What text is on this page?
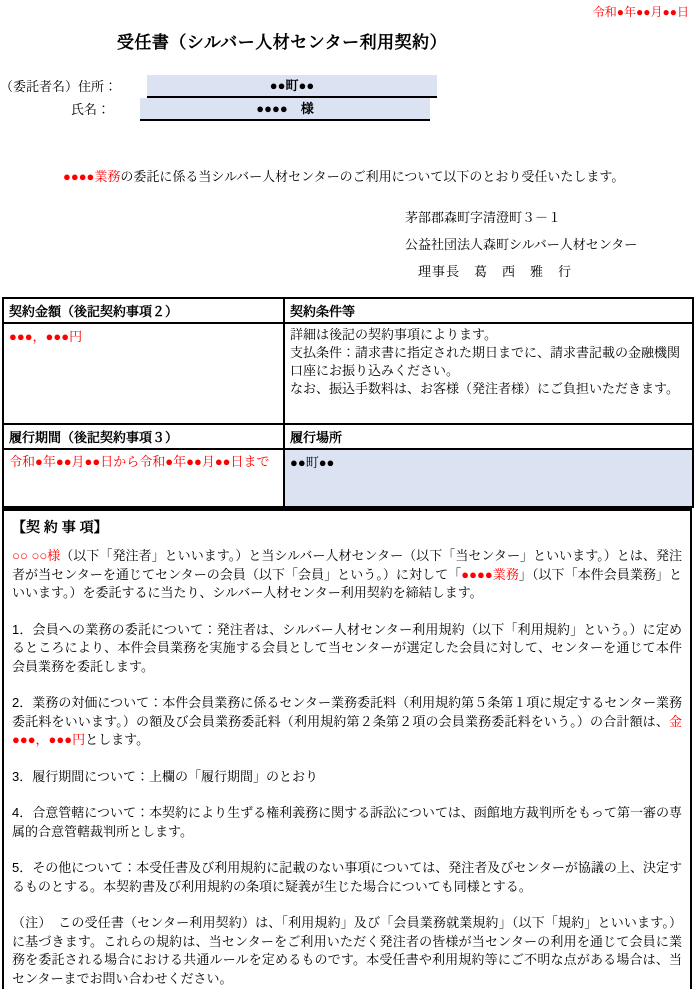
令和●年●●月●●日
受任書（シルバー人材センター利用契約）
（委託者名）住所：	●●町●●
氏名：	●●●●　様
●●●●業務の委託に係る当シルバー人材センターのご利用について以下のとおり受任いたします。
茅部郡森町字清澄町３－１
公益社団法人森町シルバー人材センター
理事長　葛　西　雅　行
契約金額（後記契約事項２）	契約条件等
●●●，●●●円	詳細は後記の契約事項によります。
支払条件：請求書に指定された期日までに、請求書記載の金融機関口座にお振り込みください。
なお、振込手数料は、お客様（発注者様）にご負担いただきます。

履行期間（後記契約事項３）	履行場所
令和●年●●月●●日から令和●年●●月●●日まで	●●町●●
【契 約 事 項】

○○ ○○様（以下「発注者」といいます。）と当シルバー人材センター（以下「当センター」といいます。）とは、発注者が当センターを通じてセンターの会員（以下「会員」という。）に対して「●●●●業務」（以下「本件会員業務」といいます。）を委託するに当たり、シルバー人材センター利用契約を締結します。

1．会員への業務の委託について：発注者は、シルバー人材センター利用規約（以下「利用規約」という。）に定めるところにより、本件会員業務を実施する会員として当センターが選定した会員に対して、センターを通じて本件会員業務を委託します。

2．業務の対価について：本件会員業務に係るセンター業務委託料（利用規約第５条第１項に規定するセンター業務委託料をいいます。）の額及び会員業務委託料（利用規約第２条第２項の会員業務委託料をいう。）の合計額は、金●●●，●●●円とします。

3．履行期間について：上欄の「履行期間」のとおり

4．合意管轄について：本契約により生ずる権利義務に関する訴訟については、函館地方裁判所をもって第一審の専属的合意管轄裁判所とします。

5．その他について：本受任書及び利用規約に記載のない事項については、発注者及びセンターが協議の上、決定するものとする。本契約書及び利用規約の条項に疑義が生じた場合についても同様とする。

（注）　この受任書（センター利用契約）は、「利用規約」及び「会員業務就業規約」（以下「規約」といいます。）に基づきます。これらの規約は、当センターをご利用いただく発注者の皆様が当センターの利用を通じて会員に業務を委託される場合における共通ルールを定めるものです。本受任書や利用規約等にご不明な点がある場合は、当センターまでお問い合わせください。
